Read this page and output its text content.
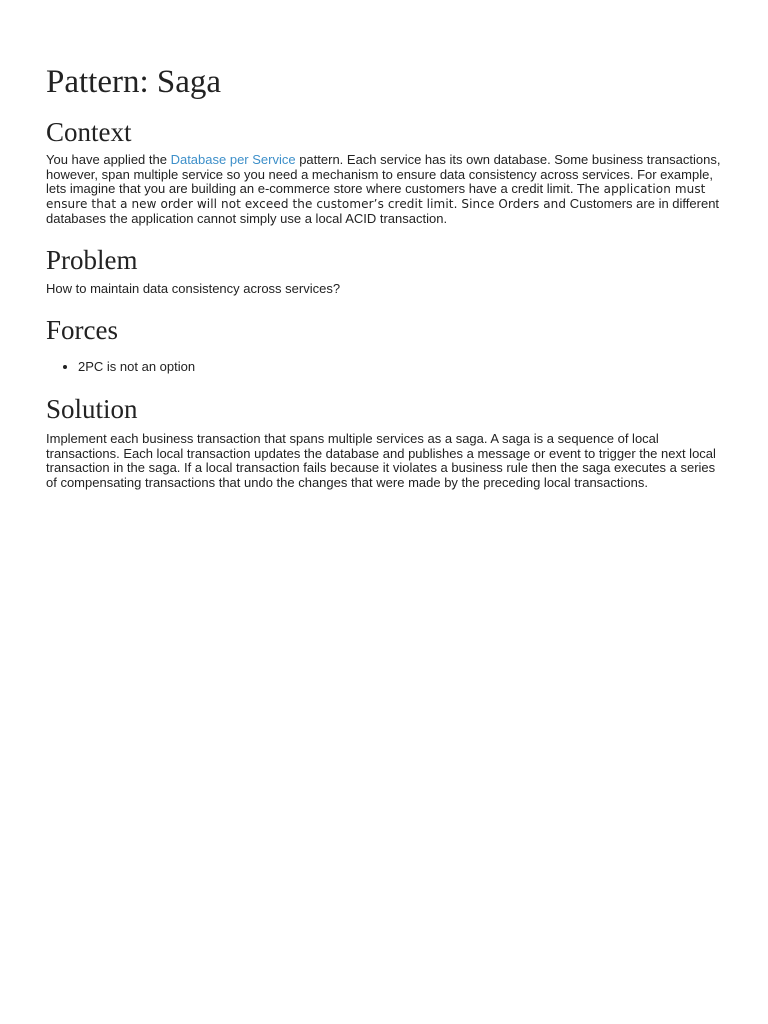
Pattern: Saga
Context

You have applied the Database per Service pattern. Each service has its own database. Some business transactions, however, span multiple service so you need a mechanism to ensure data consistency across services. For example, lets imagine that you are building an e-commerce store where customers have a credit limit. The application must ensure that a new order will not exceed the customer’s credit limit. Since Orders and Customers are in different databases the application cannot simply use a local ACID transaction.

Problem

How to maintain data consistency across services?

Forces
• 2PC is not an option
Solution

Implement each business transaction that spans multiple services as a saga. A saga is a sequence of local transactions. Each local transaction updates the database and publishes a message or event to trigger the next local transaction in the saga. If a local transaction fails because it violates a business rule then the saga executes a series of compensating transactions that undo the changes that were made by the preceding local transactions.
